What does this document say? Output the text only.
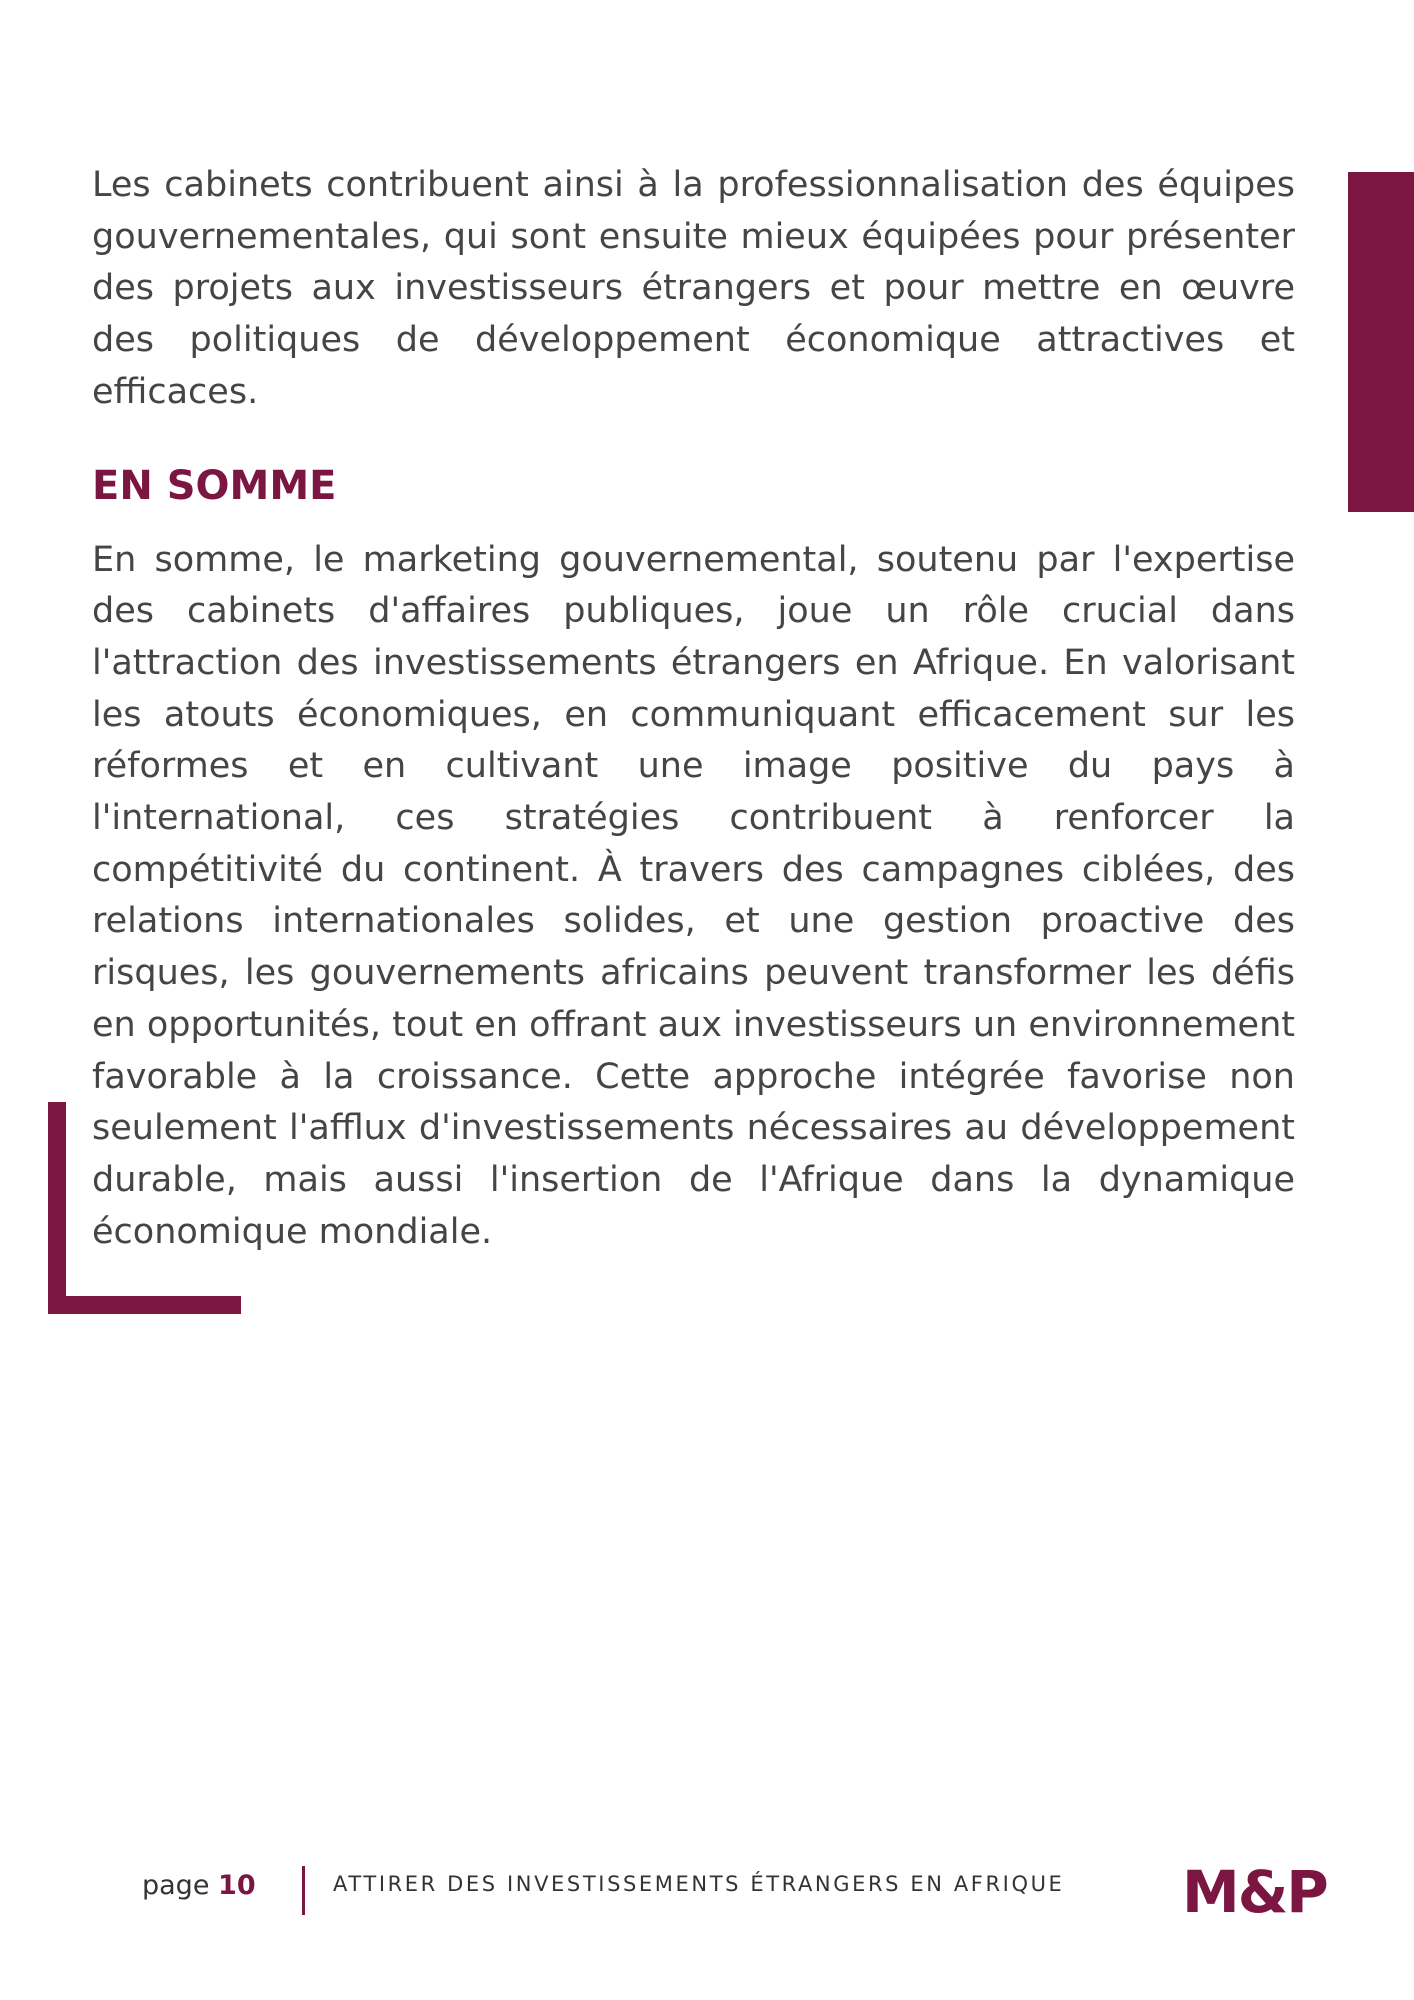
Les cabinets contribuent ainsi à la professionnalisation des équipes gouvernementales, qui sont ensuite mieux équipées pour présenter des projets aux investisseurs étrangers et pour mettre en œuvre des politiques de développement économique attractives et efficaces.

EN SOMME

En somme, le marketing gouvernemental, soutenu par l'expertise des cabinets d'affaires publiques, joue un rôle crucial dans l'attraction des investissements étrangers en Afrique. En valorisant les atouts économiques, en communiquant efficacement sur les réformes et en cultivant une image positive du pays à l'international, ces stratégies contribuent à renforcer la compétitivité du continent. À travers des campagnes ciblées, des relations internationales solides, et une gestion proactive des risques, les gouvernements africains peuvent transformer les défis en opportunités, tout en offrant aux investisseurs un environnement favorable à la croissance. Cette approche intégrée favorise non seulement l'afflux d'investissements nécessaires au développement durable, mais aussi l'insertion de l'Afrique dans la dynamique économique mondiale.

page 10	ATTIRER DES INVESTISSEMENTS ÉTRANGERS EN AFRIQUE M&P
